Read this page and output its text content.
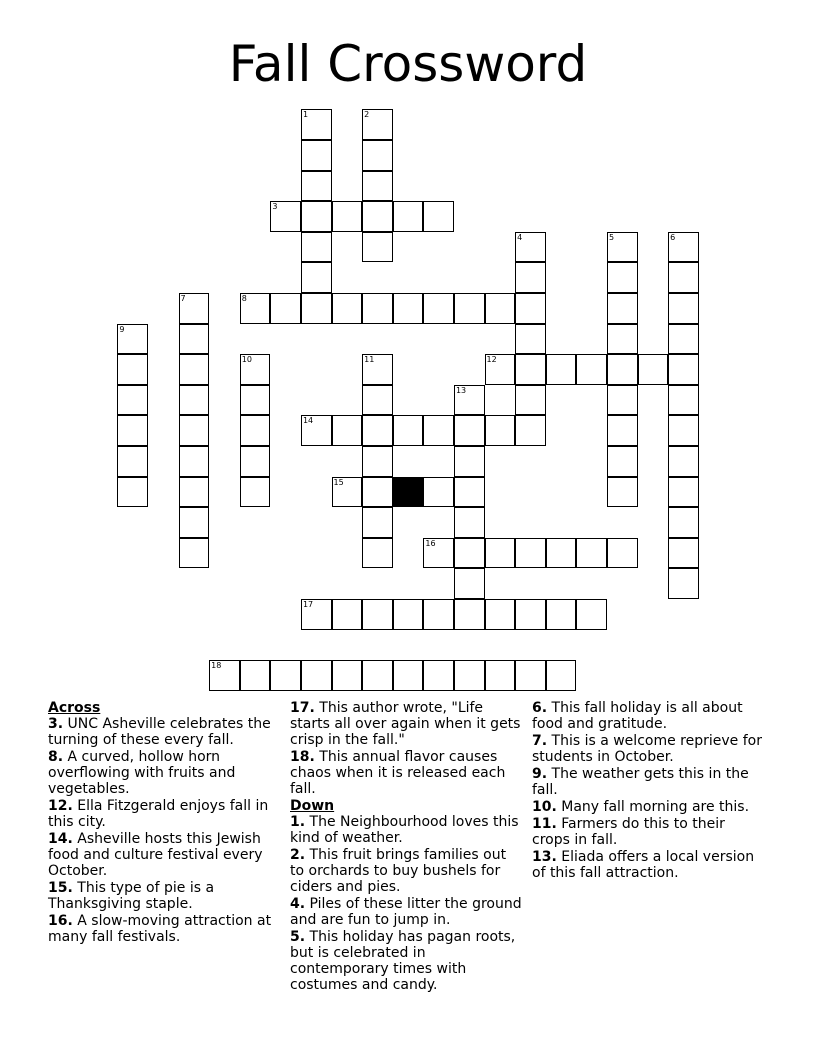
Fall Crossword
1	2
3
4	5	6
7	8
9
10	11	12
13
14
15
16
17
18
Across
3. UNC Asheville celebrates the turning of these every fall.
8. A curved, hollow horn overflowing with fruits and vegetables.
12. Ella Fitzgerald enjoys fall in this city.
14. Asheville hosts this Jewish food and culture festival every October.
15. This type of pie is a Thanksgiving staple.
16. A slow-moving attraction at many fall festivals.
17. This author wrote, "Life starts all over again when it gets crisp in the fall."
18. This annual flavor causes chaos when it is released each fall.
Down
1. The Neighbourhood loves this kind of weather.
2. This fruit brings families out to orchards to buy bushels for ciders and pies.
4. Piles of these litter the ground and are fun to jump in.
5. This holiday has pagan roots, but is celebrated in contemporary times with costumes and candy.
6. This fall holiday is all about food and gratitude.
7. This is a welcome reprieve for students in October.
9. The weather gets this in the fall.
10. Many fall morning are this.
11. Farmers do this to their crops in fall.
13. Eliada offers a local version of this fall attraction.
